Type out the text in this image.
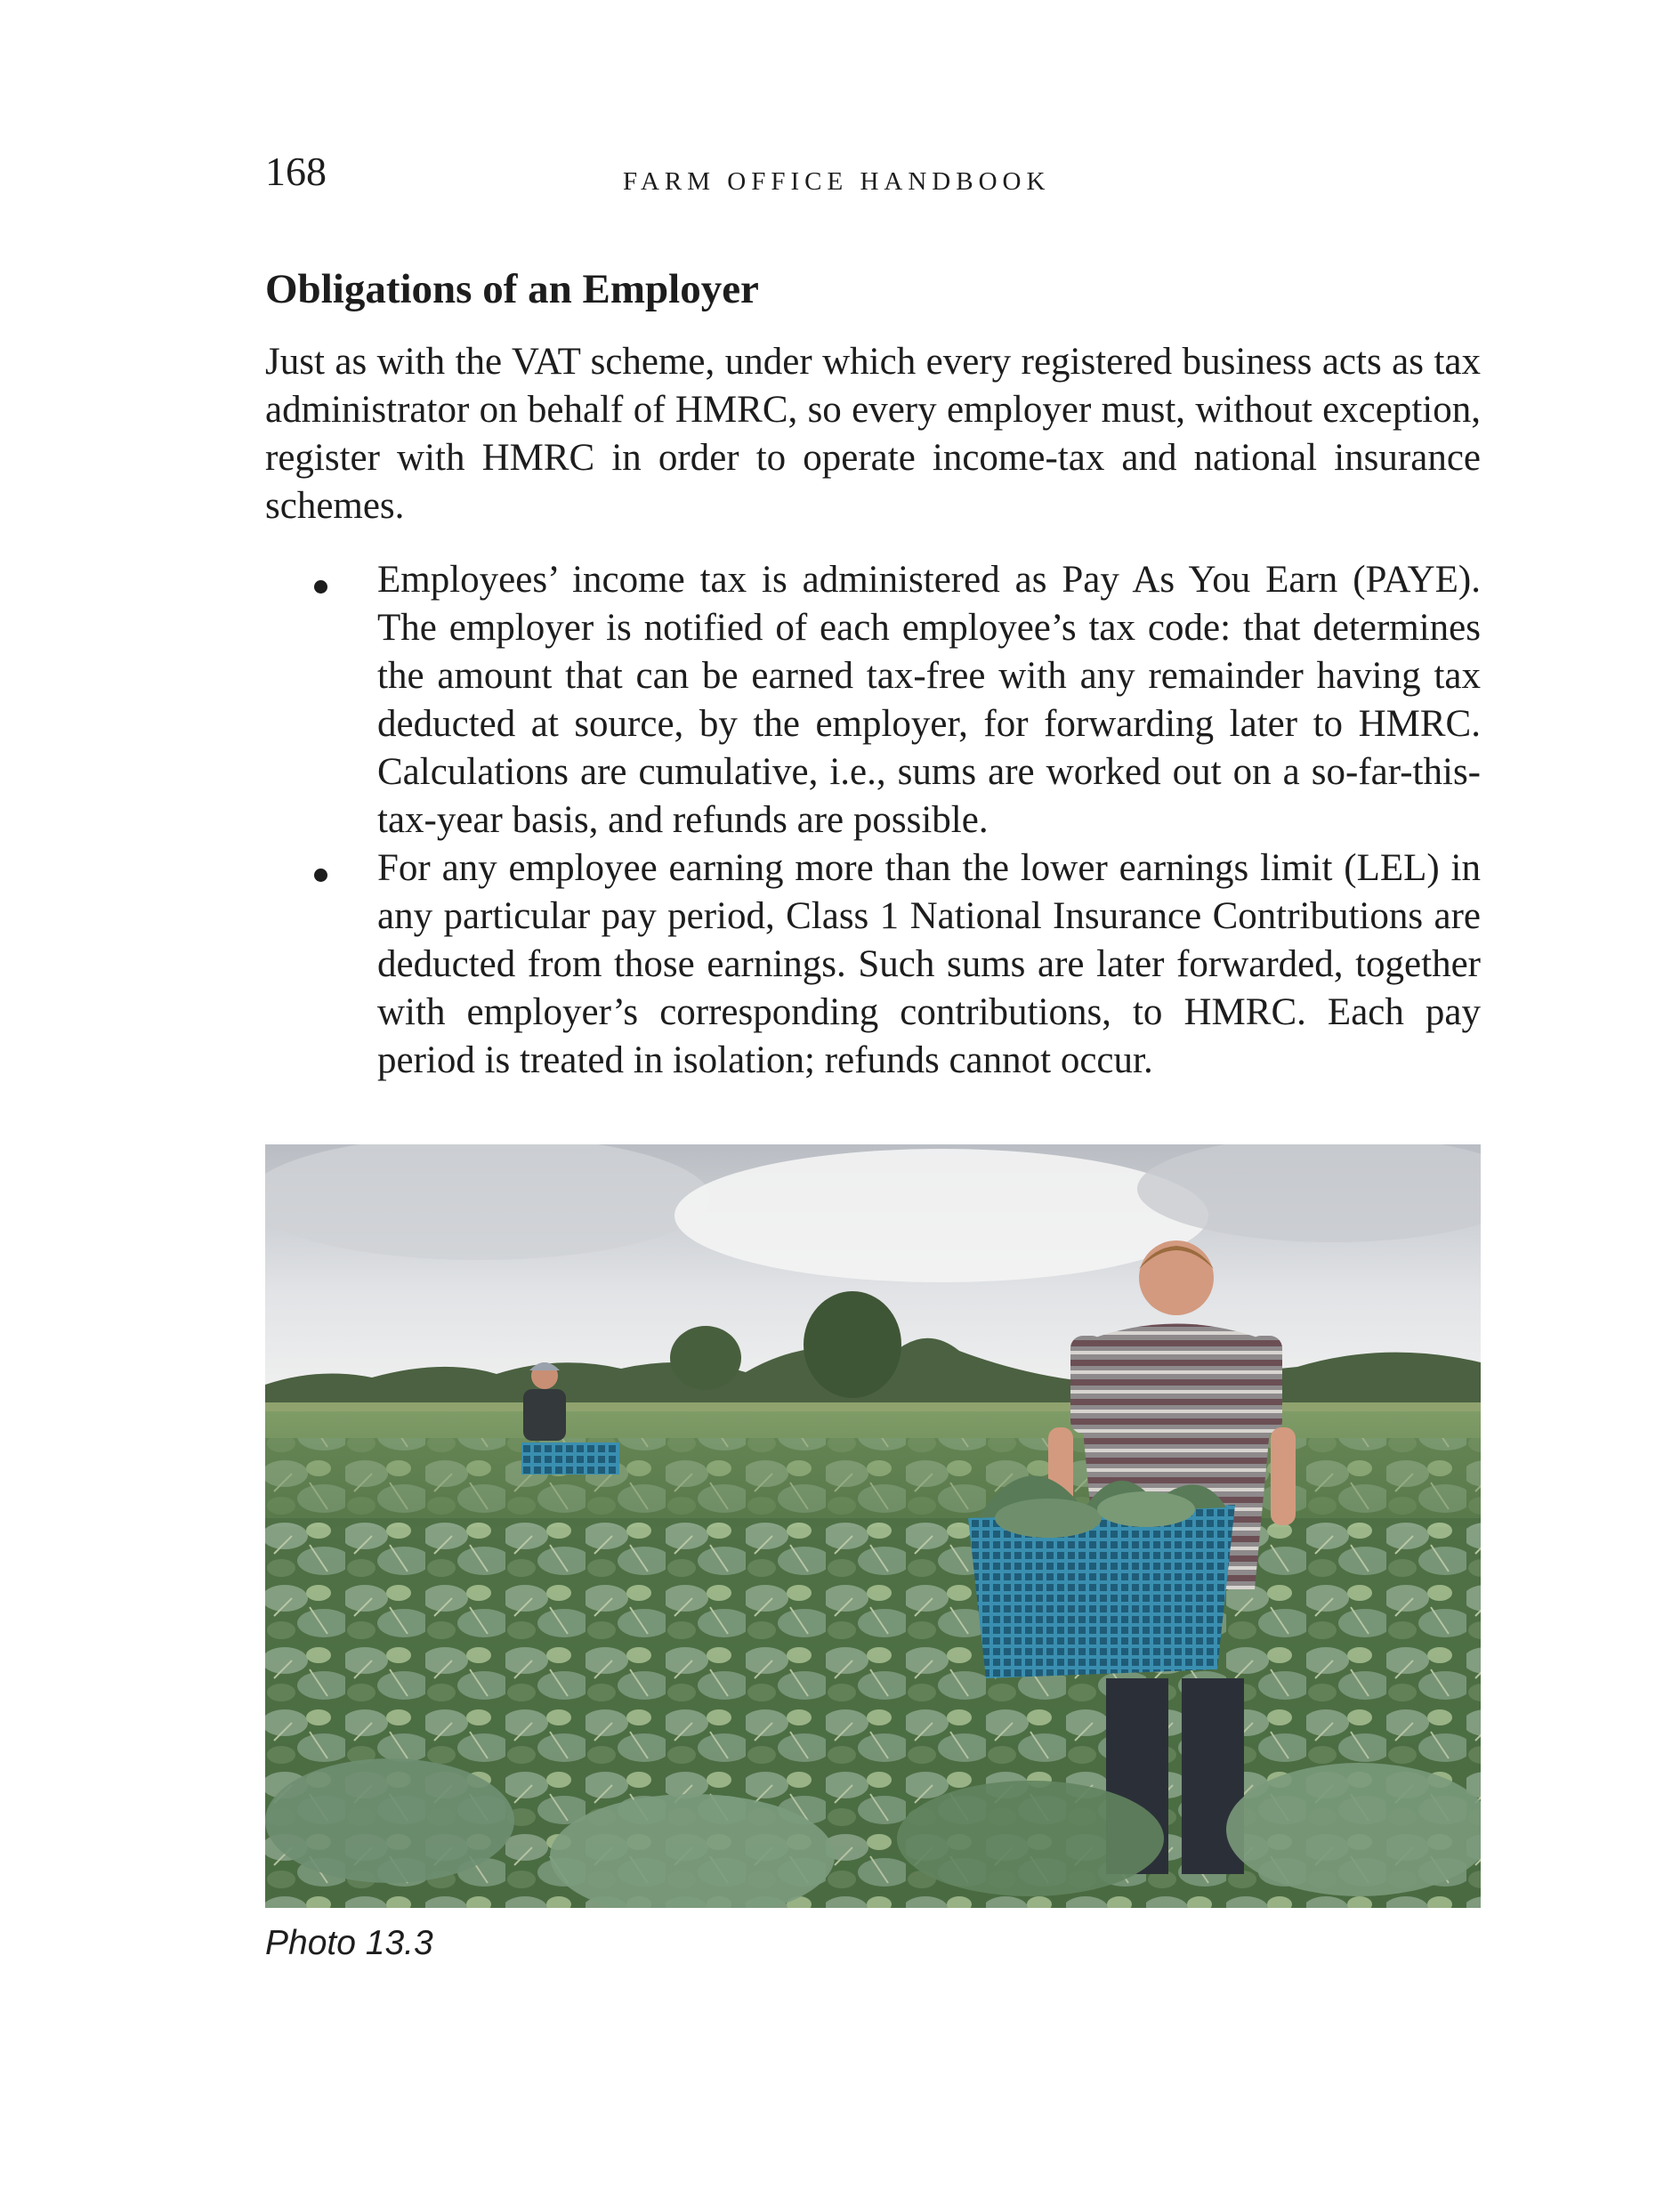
168	FARM OFFICE HANDBOOK
Obligations of an Employer

Just as with the VAT scheme, under which every registered business acts as tax administrator on behalf of HMRC, so every employer must, without exception, register with HMRC in order to operate income-tax and national insurance schemes.

Employees’ income tax is administered as Pay As You Earn (PAYE). The employer is notified of each employee’s tax code: that determines the amount that can be earned tax-free with any remainder having tax deducted at source, by the employer, for forwarding later to HMRC. Calculations are cumulative, i.e., sums are worked out on a so-far-this-tax-year basis, and refunds are possible.
For any employee earning more than the lower earnings limit (LEL) in any particular pay period, Class 1 National Insurance Contributions are deducted from those earnings. Such sums are later forwarded, together with employer’s corresponding contributions, to HMRC. Each pay period is treated in isolation; refunds cannot occur.
Photo 13.3
